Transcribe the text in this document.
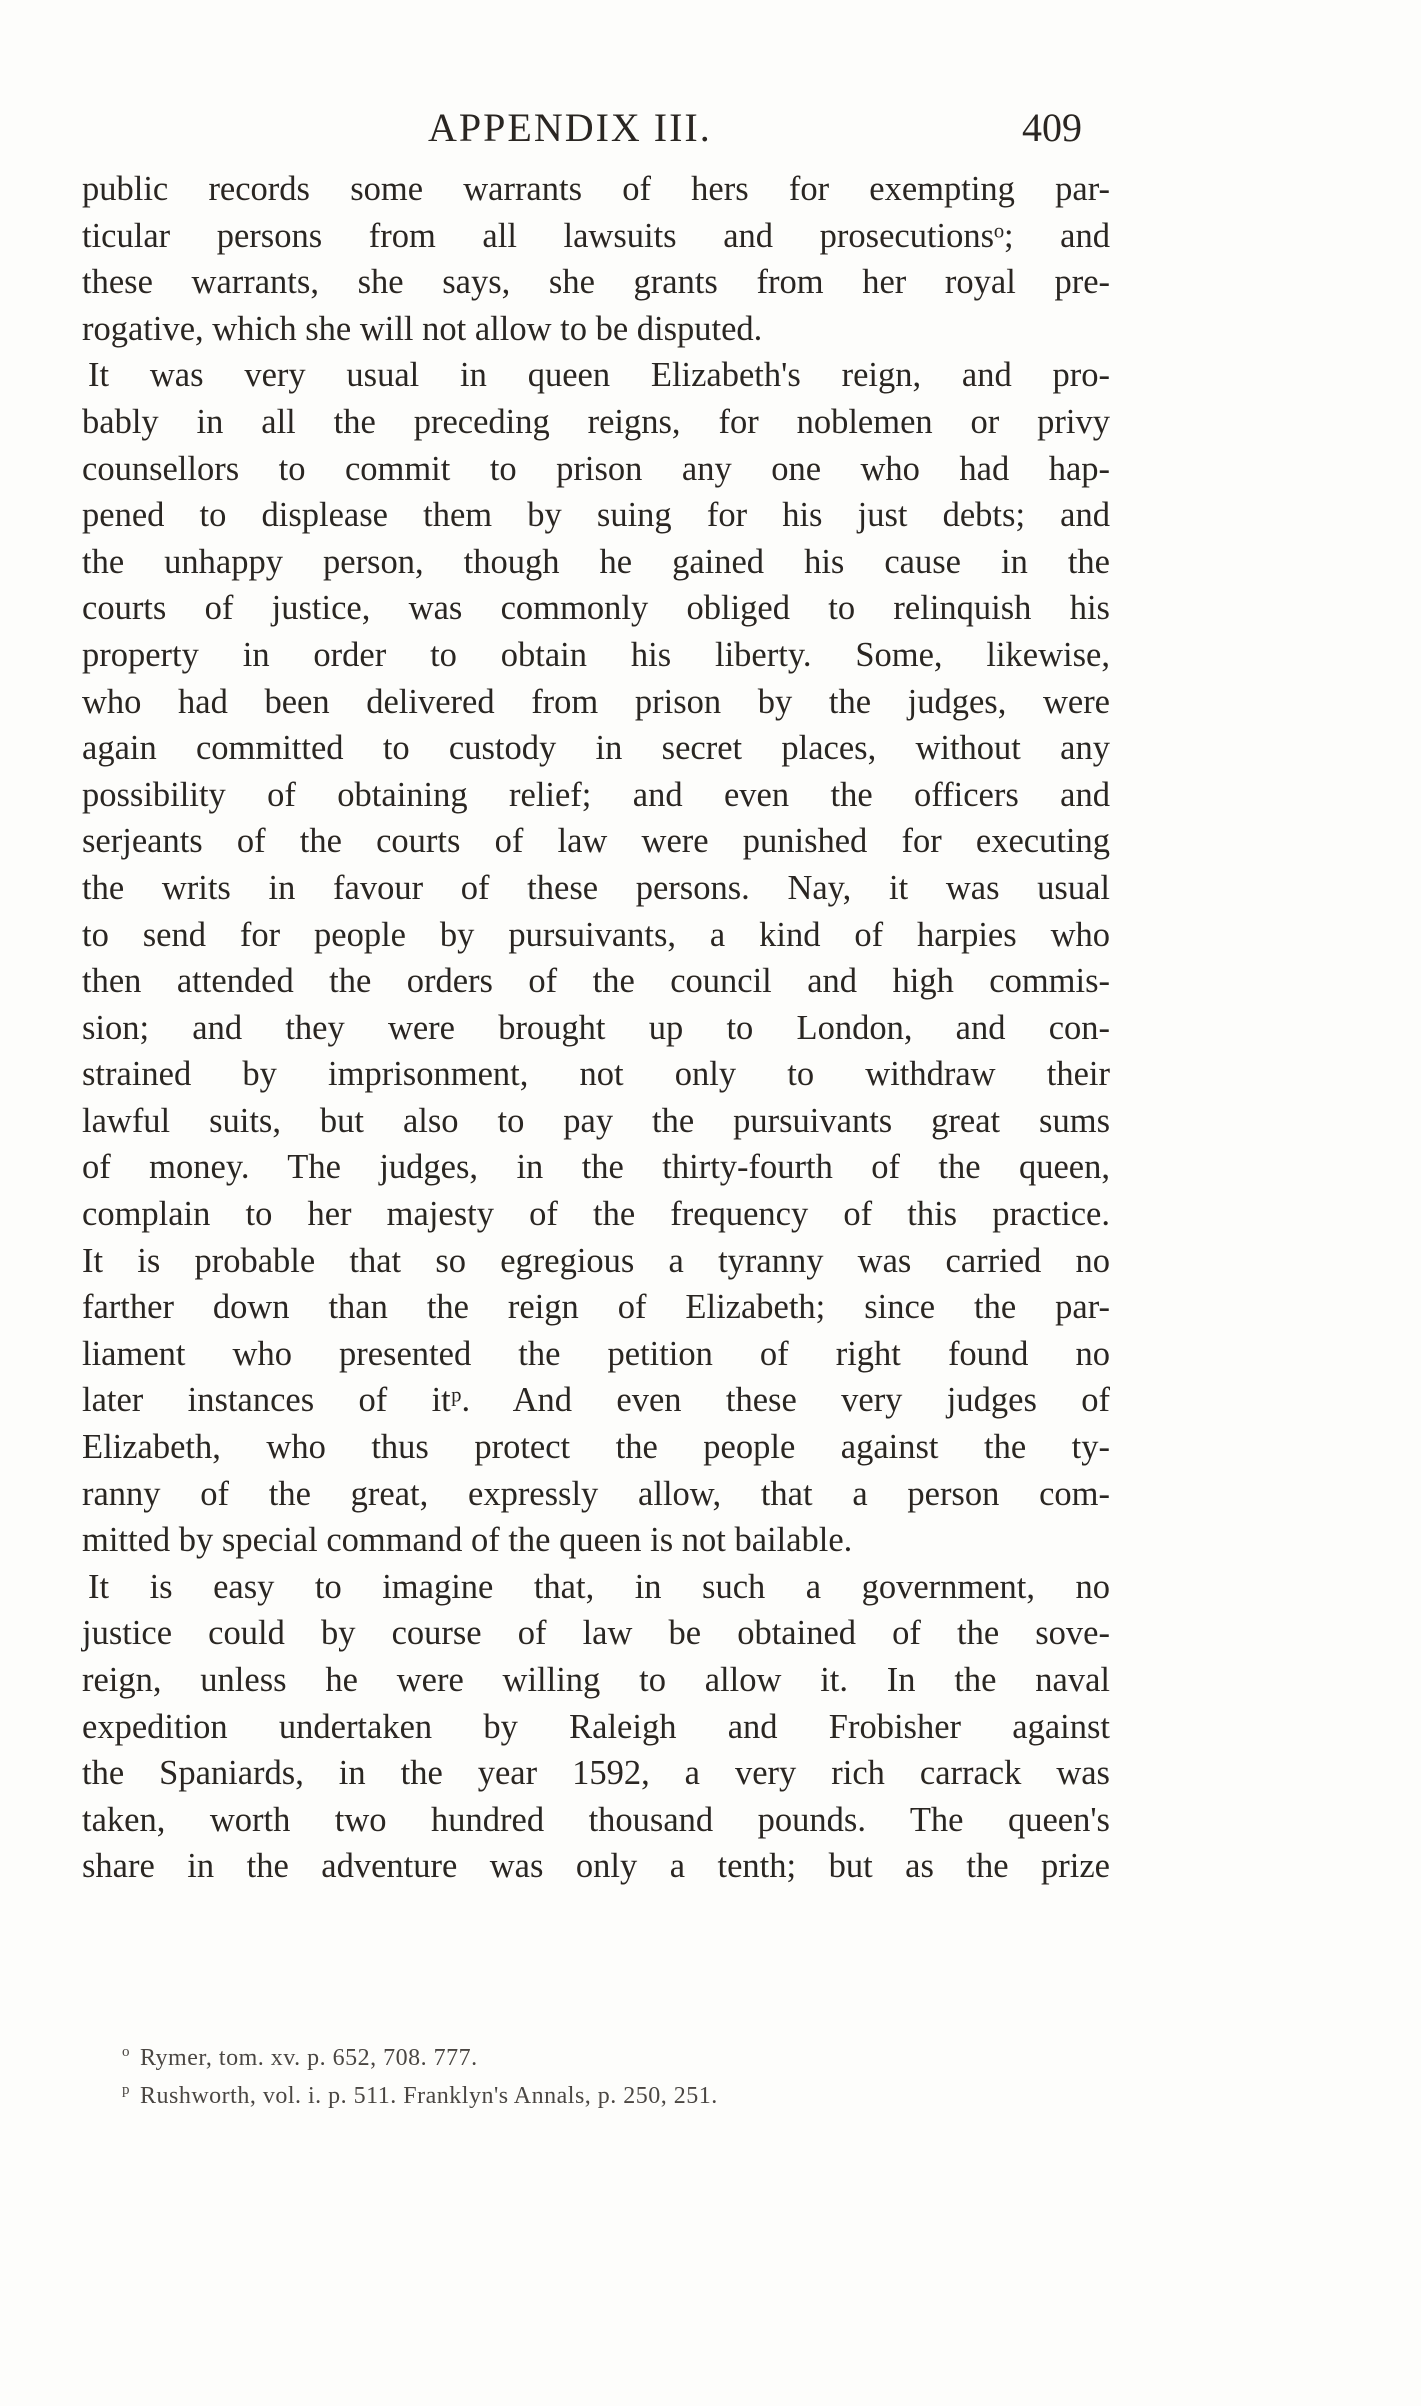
APPENDIX III.	409
public records some warrants of hers for exempting par-
ticular persons from all lawsuits and prosecutionsᵒ; and
these warrants, she says, she grants from her royal pre-
rogative, which she will not allow to be disputed.
It was very usual in queen Elizabeth's reign, and pro-
bably in all the preceding reigns, for noblemen or privy
counsellors to commit to prison any one who had hap-
pened to displease them by suing for his just debts; and
the unhappy person, though he gained his cause in the
courts of justice, was commonly obliged to relinquish his
property in order to obtain his liberty. Some, likewise,
who had been delivered from prison by the judges, were
again committed to custody in secret places, without any
possibility of obtaining relief; and even the officers and
serjeants of the courts of law were punished for executing
the writs in favour of these persons. Nay, it was usual
to send for people by pursuivants, a kind of harpies who
then attended the orders of the council and high commis-
sion; and they were brought up to London, and con-
strained by imprisonment, not only to withdraw their
lawful suits, but also to pay the pursuivants great sums
of money. The judges, in the thirty-fourth of the queen,
complain to her majesty of the frequency of this practice.
It is probable that so egregious a tyranny was carried no
farther down than the reign of Elizabeth; since the par-
liament who presented the petition of right found no
later instances of itᵖ. And even these very judges of
Elizabeth, who thus protect the people against the ty-
ranny of the great, expressly allow, that a person com-
mitted by special command of the queen is not bailable.
It is easy to imagine that, in such a government, no
justice could by course of law be obtained of the sove-
reign, unless he were willing to allow it. In the naval
expedition undertaken by Raleigh and Frobisher against
the Spaniards, in the year 1592, a very rich carrack was
taken, worth two hundred thousand pounds. The queen's
share in the adventure was only a tenth; but as the prize
$^o$ Rymer, tom. xv. p. 652, 708. 777.
$^p$ Rushworth, vol. i. p. 511. Franklyn's Annals, p. 250, 251.
